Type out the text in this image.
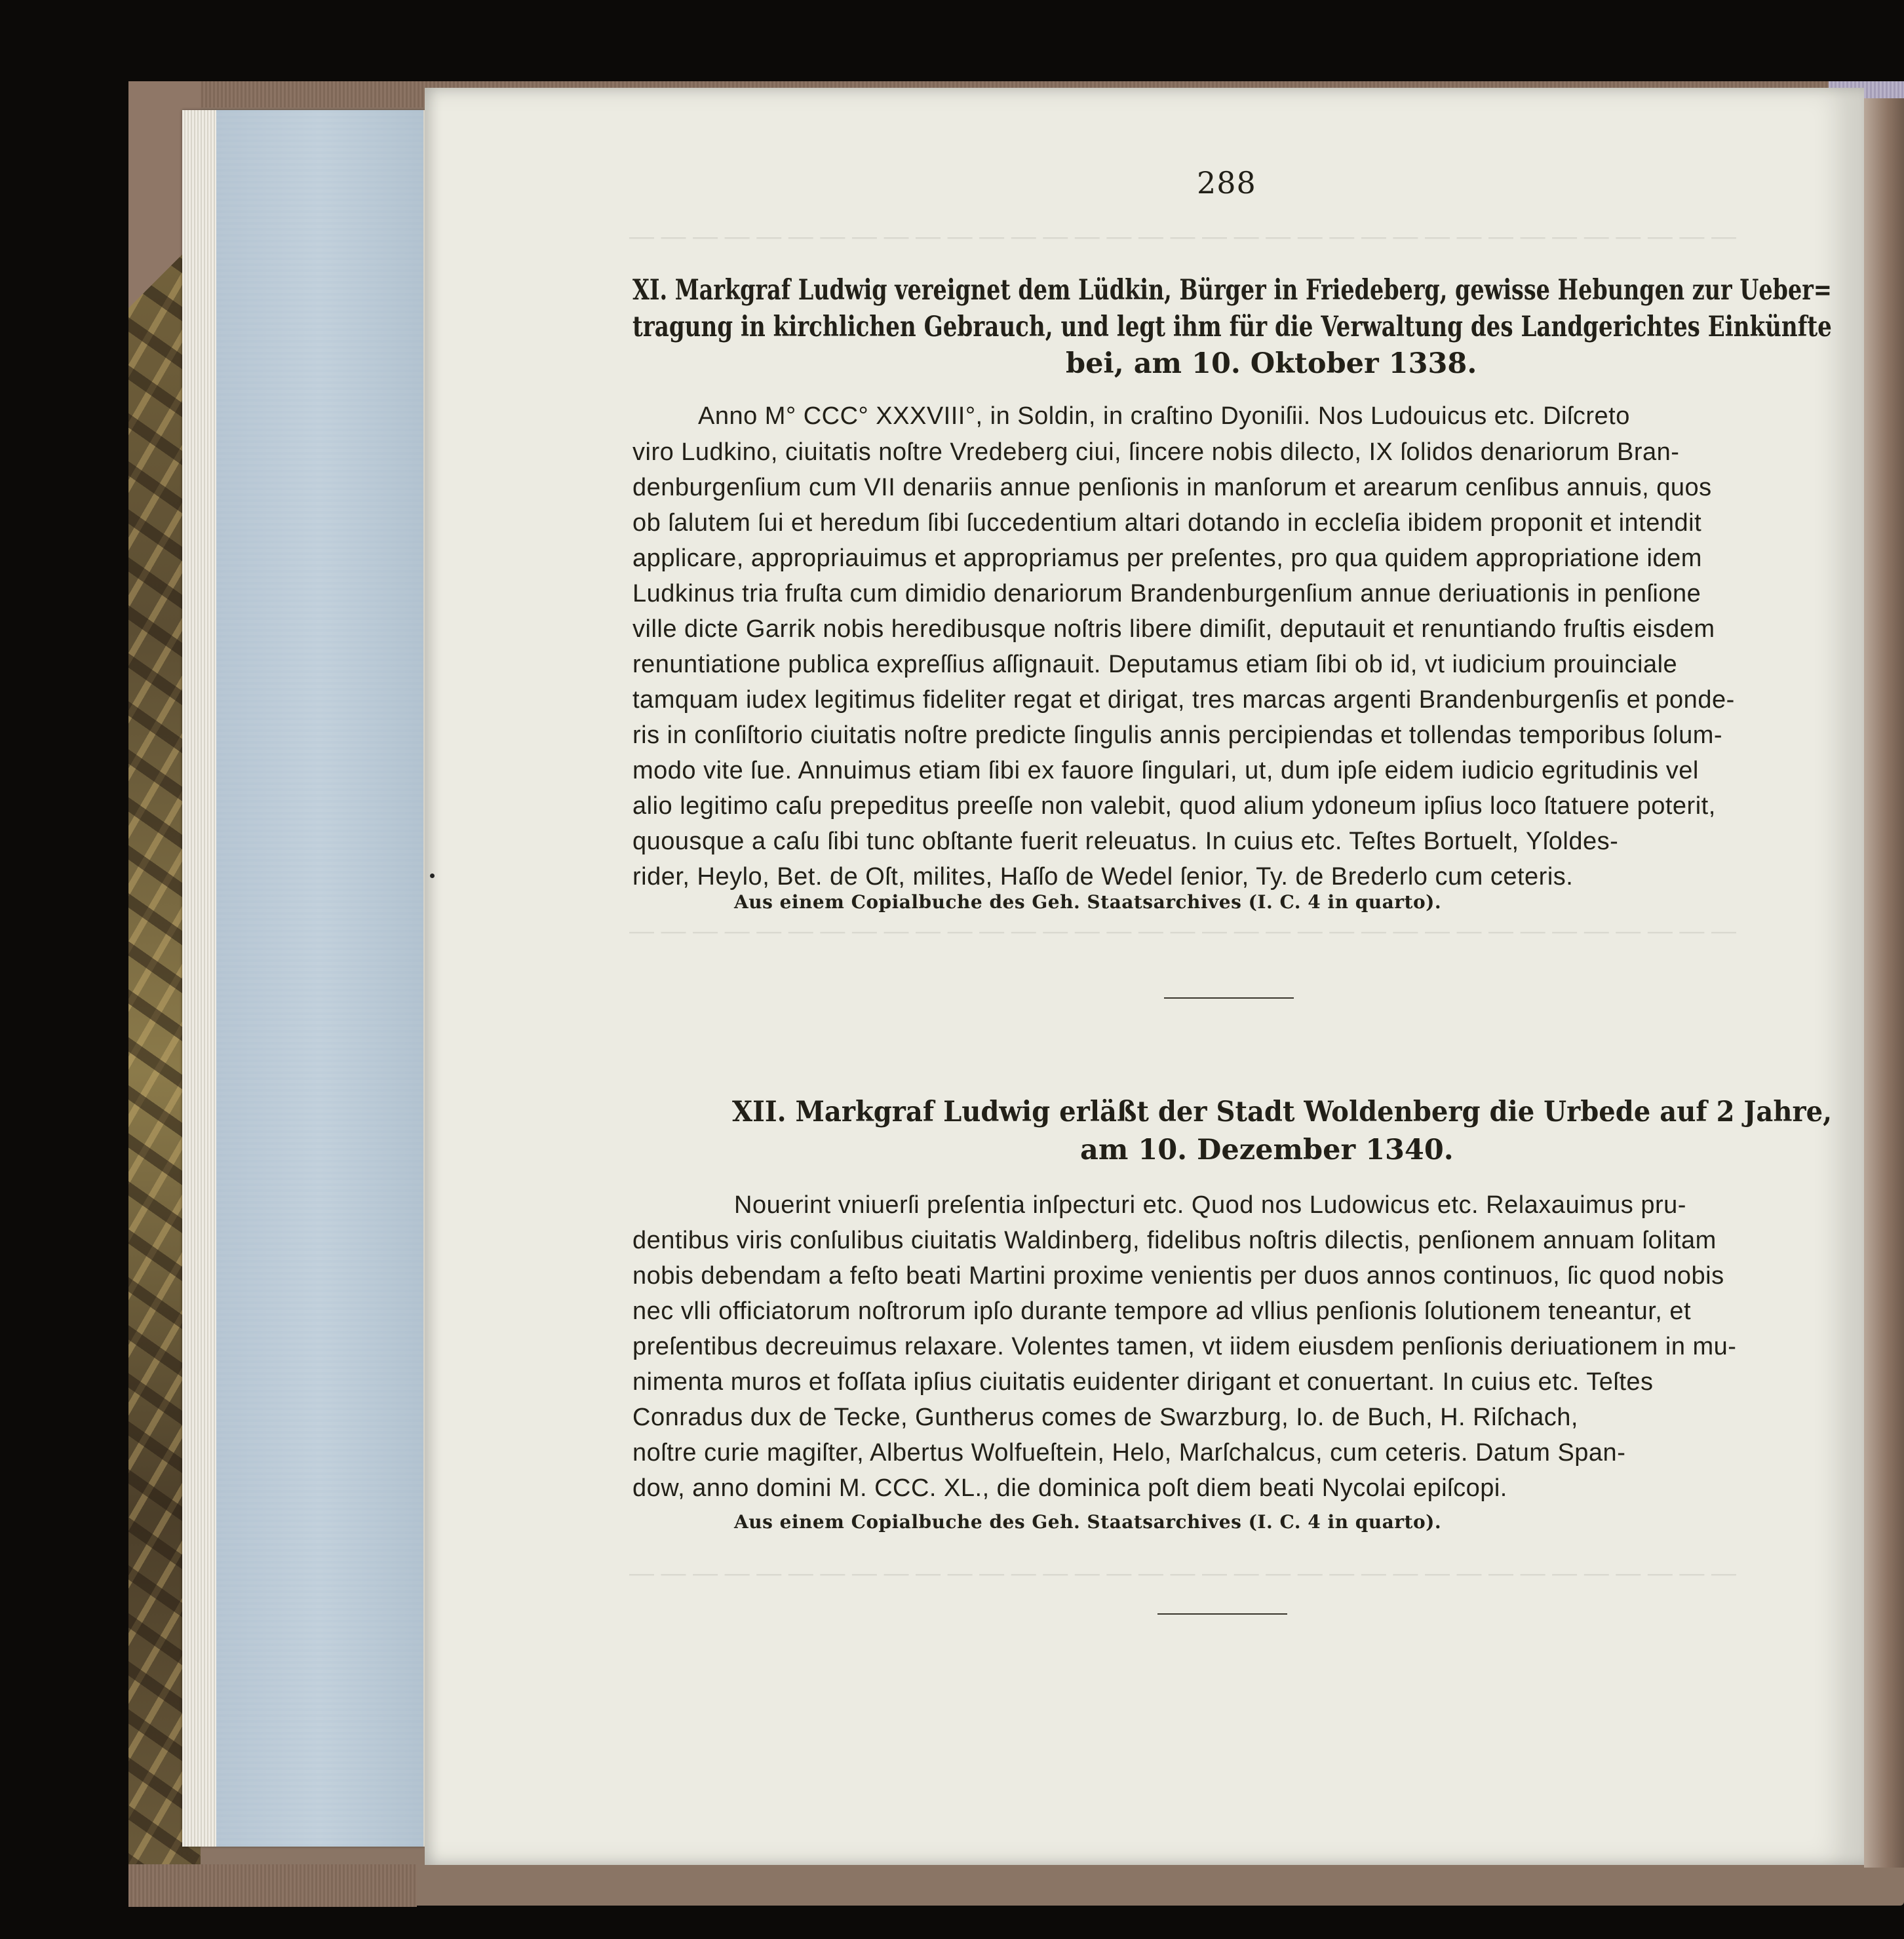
— — — — — — — — — — — — — — — — — — — — — — — — — — — — — — — — — — —
— — — — — — — — — — — — — — — — — — — — — — — — — — — — — — — — — — —
— — — — — — — — — — — — — — — — — — — — — — — — — — — — — — — — — — —
288
XI. Markgraf Ludwig vereignet dem Lüdkin, Bürger in Friedeberg, gewisse Hebungen zur Ueber=
tragung in kirchlichen Gebrauch, und legt ihm für die Verwaltung des Landgerichtes Einkünfte
bei, am 10. Oktober 1338.
Anno M° CCC° XXXVIII°, in Soldin, in craſtino Dyoniſii. Nos Ludouicus etc. Diſcreto
viro Ludkino, ciuitatis noſtre Vredeberg ciui, ſincere nobis dilecto, IX ſolidos denariorum Bran-
denburgenſium cum VII denariis annue penſionis in manſorum et arearum cenſibus annuis, quos
ob ſalutem ſui et heredum ſibi ſuccedentium altari dotando in eccleſia ibidem proponit et intendit
applicare, appropriauimus et appropriamus per preſentes, pro qua quidem appropriatione idem
Ludkinus tria fruſta cum dimidio denariorum Brandenburgenſium annue deriuationis in penſione
ville dicte Garrik nobis heredibusque noſtris libere dimiſit, deputauit et renuntiando fruſtis eisdem
renuntiatione publica expreſſius aſſignauit. Deputamus etiam ſibi ob id, vt iudicium prouinciale
tamquam iudex legitimus fideliter regat et dirigat, tres marcas argenti Brandenburgenſis et ponde-
ris in conſiſtorio ciuitatis noſtre predicte ſingulis annis percipiendas et tollendas temporibus ſolum-
modo vite ſue. Annuimus etiam ſibi ex fauore ſingulari, ut, dum ipſe eidem iudicio egritudinis vel
alio legitimo caſu prepeditus preeſſe non valebit, quod alium ydoneum ipſius loco ſtatuere poterit,
quousque a caſu ſibi tunc obſtante fuerit releuatus. In cuius etc. Teſtes Bortuelt, Yſoldes-
rider, Heylo, Bet. de Oſt, milites, Haſſo de Wedel ſenior, Ty. de Brederlo cum ceteris.
Aus einem Copialbuche des Geh. Staatsarchives (I. C. 4 in quarto).
XII. Markgraf Ludwig erläßt der Stadt Woldenberg die Urbede auf 2 Jahre,
am 10. Dezember 1340.
Nouerint vniuerſi preſentia inſpecturi etc. Quod nos Ludowicus etc. Relaxauimus pru-
dentibus viris conſulibus ciuitatis Waldinberg, fidelibus noſtris dilectis, penſionem annuam ſolitam
nobis debendam a feſto beati Martini proxime venientis per duos annos continuos, ſic quod nobis
nec vlli officiatorum noſtrorum ipſo durante tempore ad vllius penſionis ſolutionem teneantur, et
preſentibus decreuimus relaxare. Volentes tamen, vt iidem eiusdem penſionis deriuationem in mu-
nimenta muros et foſſata ipſius ciuitatis euidenter dirigant et conuertant. In cuius etc. Teſtes
Conradus dux de Tecke, Guntherus comes de Swarzburg, Io. de Buch, H. Riſchach,
noſtre curie magiſter, Albertus Wolfueſtein, Helo, Marſchalcus, cum ceteris. Datum Span-
dow, anno domini M. CCC. XL., die dominica poſt diem beati Nycolai epiſcopi.
Aus einem Copialbuche des Geh. Staatsarchives (I. C. 4 in quarto).
